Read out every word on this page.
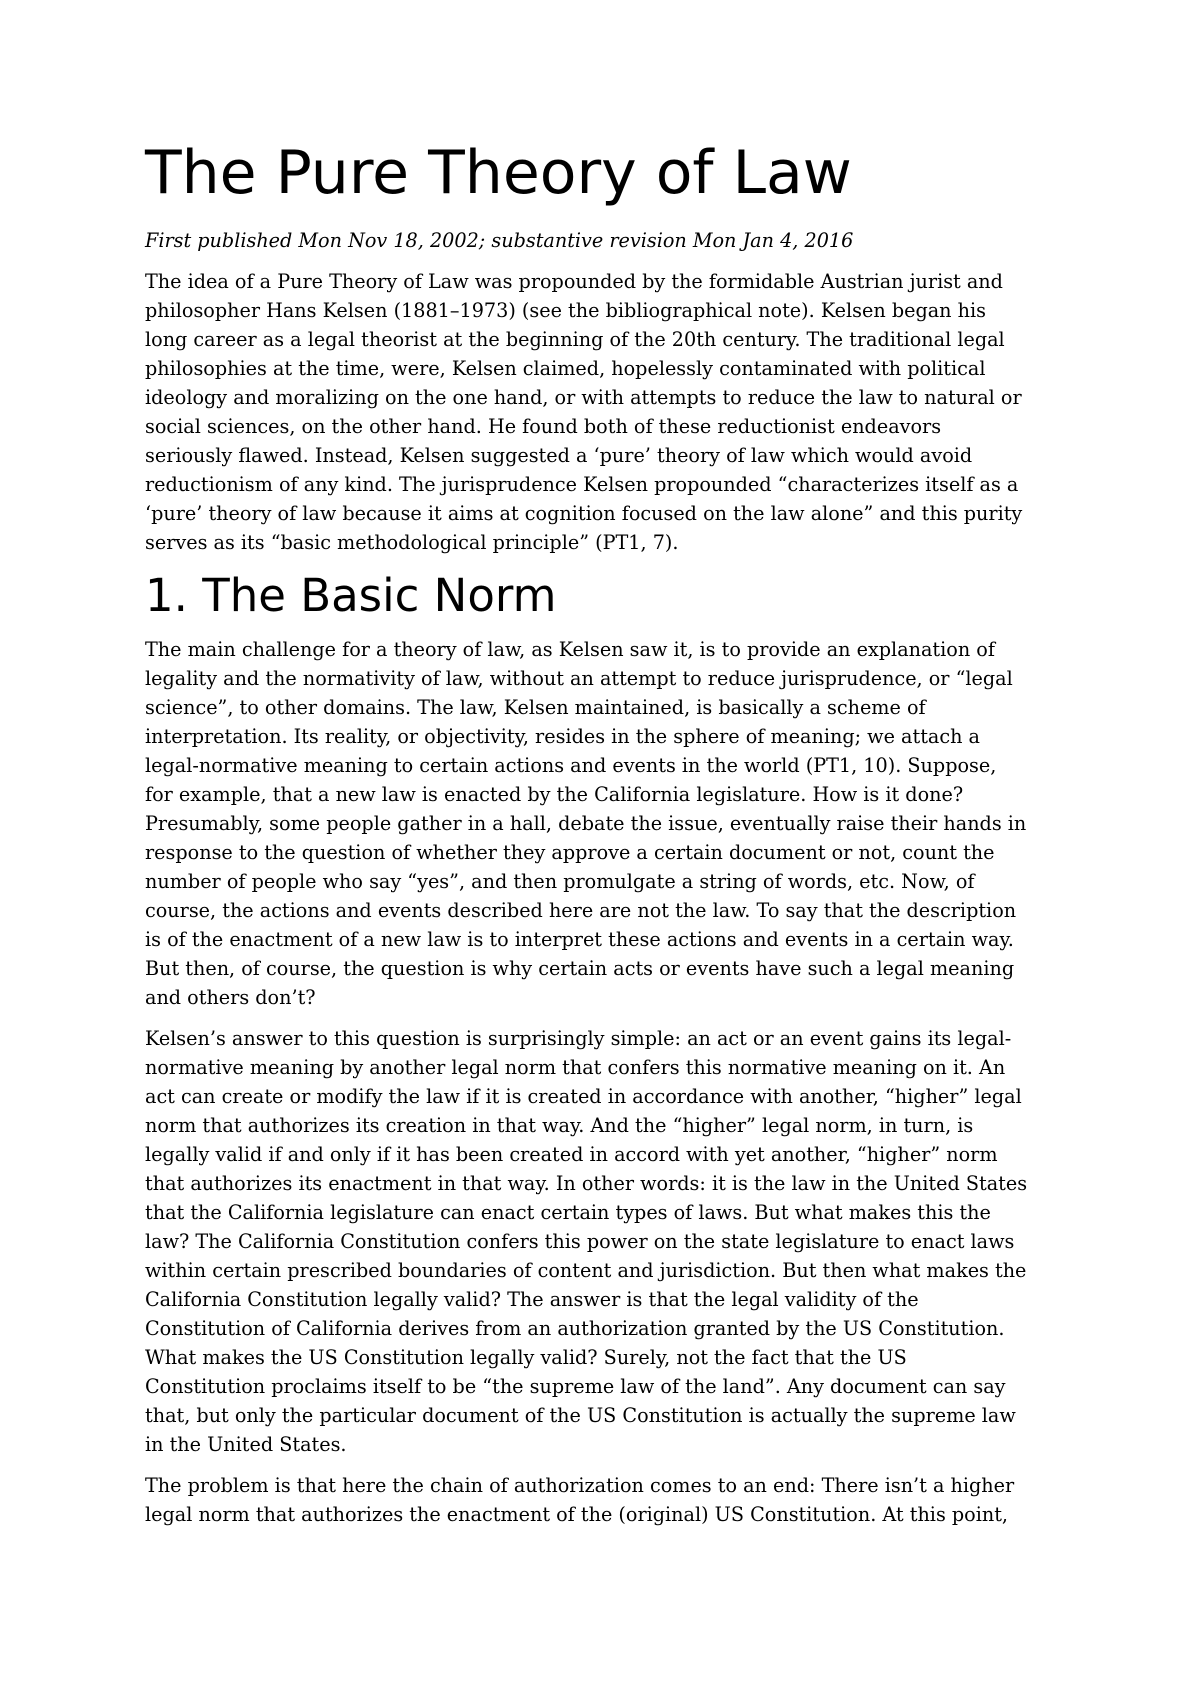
The Pure Theory of Law

First published Mon Nov 18, 2002; substantive revision Mon Jan 4, 2016

The idea of a Pure Theory of Law was propounded by the formidable Austrian jurist and
philosopher Hans Kelsen (1881–1973) (see the bibliographical note). Kelsen began his
long career as a legal theorist at the beginning of the 20th century. The traditional legal
philosophies at the time, were, Kelsen claimed, hopelessly contaminated with political
ideology and moralizing on the one hand, or with attempts to reduce the law to natural or
social sciences, on the other hand. He found both of these reductionist endeavors
seriously flawed. Instead, Kelsen suggested a ‘pure’ theory of law which would avoid
reductionism of any kind. The jurisprudence Kelsen propounded “characterizes itself as a
‘pure’ theory of law because it aims at cognition focused on the law alone” and this purity
serves as its “basic methodological principle” (PT1, 7).

1. The Basic Norm

The main challenge for a theory of law, as Kelsen saw it, is to provide an explanation of
legality and the normativity of law, without an attempt to reduce jurisprudence, or “legal
science”, to other domains. The law, Kelsen maintained, is basically a scheme of
interpretation. Its reality, or objectivity, resides in the sphere of meaning; we attach a
legal-normative meaning to certain actions and events in the world (PT1, 10). Suppose,
for example, that a new law is enacted by the California legislature. How is it done?
Presumably, some people gather in a hall, debate the issue, eventually raise their hands in
response to the question of whether they approve a certain document or not, count the
number of people who say “yes”, and then promulgate a string of words, etc. Now, of
course, the actions and events described here are not the law. To say that the description
is of the enactment of a new law is to interpret these actions and events in a certain way.
But then, of course, the question is why certain acts or events have such a legal meaning
and others don’t?

Kelsen’s answer to this question is surprisingly simple: an act or an event gains its legal-
normative meaning by another legal norm that confers this normative meaning on it. An
act can create or modify the law if it is created in accordance with another, “higher” legal
norm that authorizes its creation in that way. And the “higher” legal norm, in turn, is
legally valid if and only if it has been created in accord with yet another, “higher” norm
that authorizes its enactment in that way. In other words: it is the law in the United States
that the California legislature can enact certain types of laws. But what makes this the
law? The California Constitution confers this power on the state legislature to enact laws
within certain prescribed boundaries of content and jurisdiction. But then what makes the
California Constitution legally valid? The answer is that the legal validity of the
Constitution of California derives from an authorization granted by the US Constitution.
What makes the US Constitution legally valid? Surely, not the fact that the US
Constitution proclaims itself to be “the supreme law of the land”. Any document can say
that, but only the particular document of the US Constitution is actually the supreme law
in the United States.

The problem is that here the chain of authorization comes to an end: There isn’t a higher
legal norm that authorizes the enactment of the (original) US Constitution. At this point,
